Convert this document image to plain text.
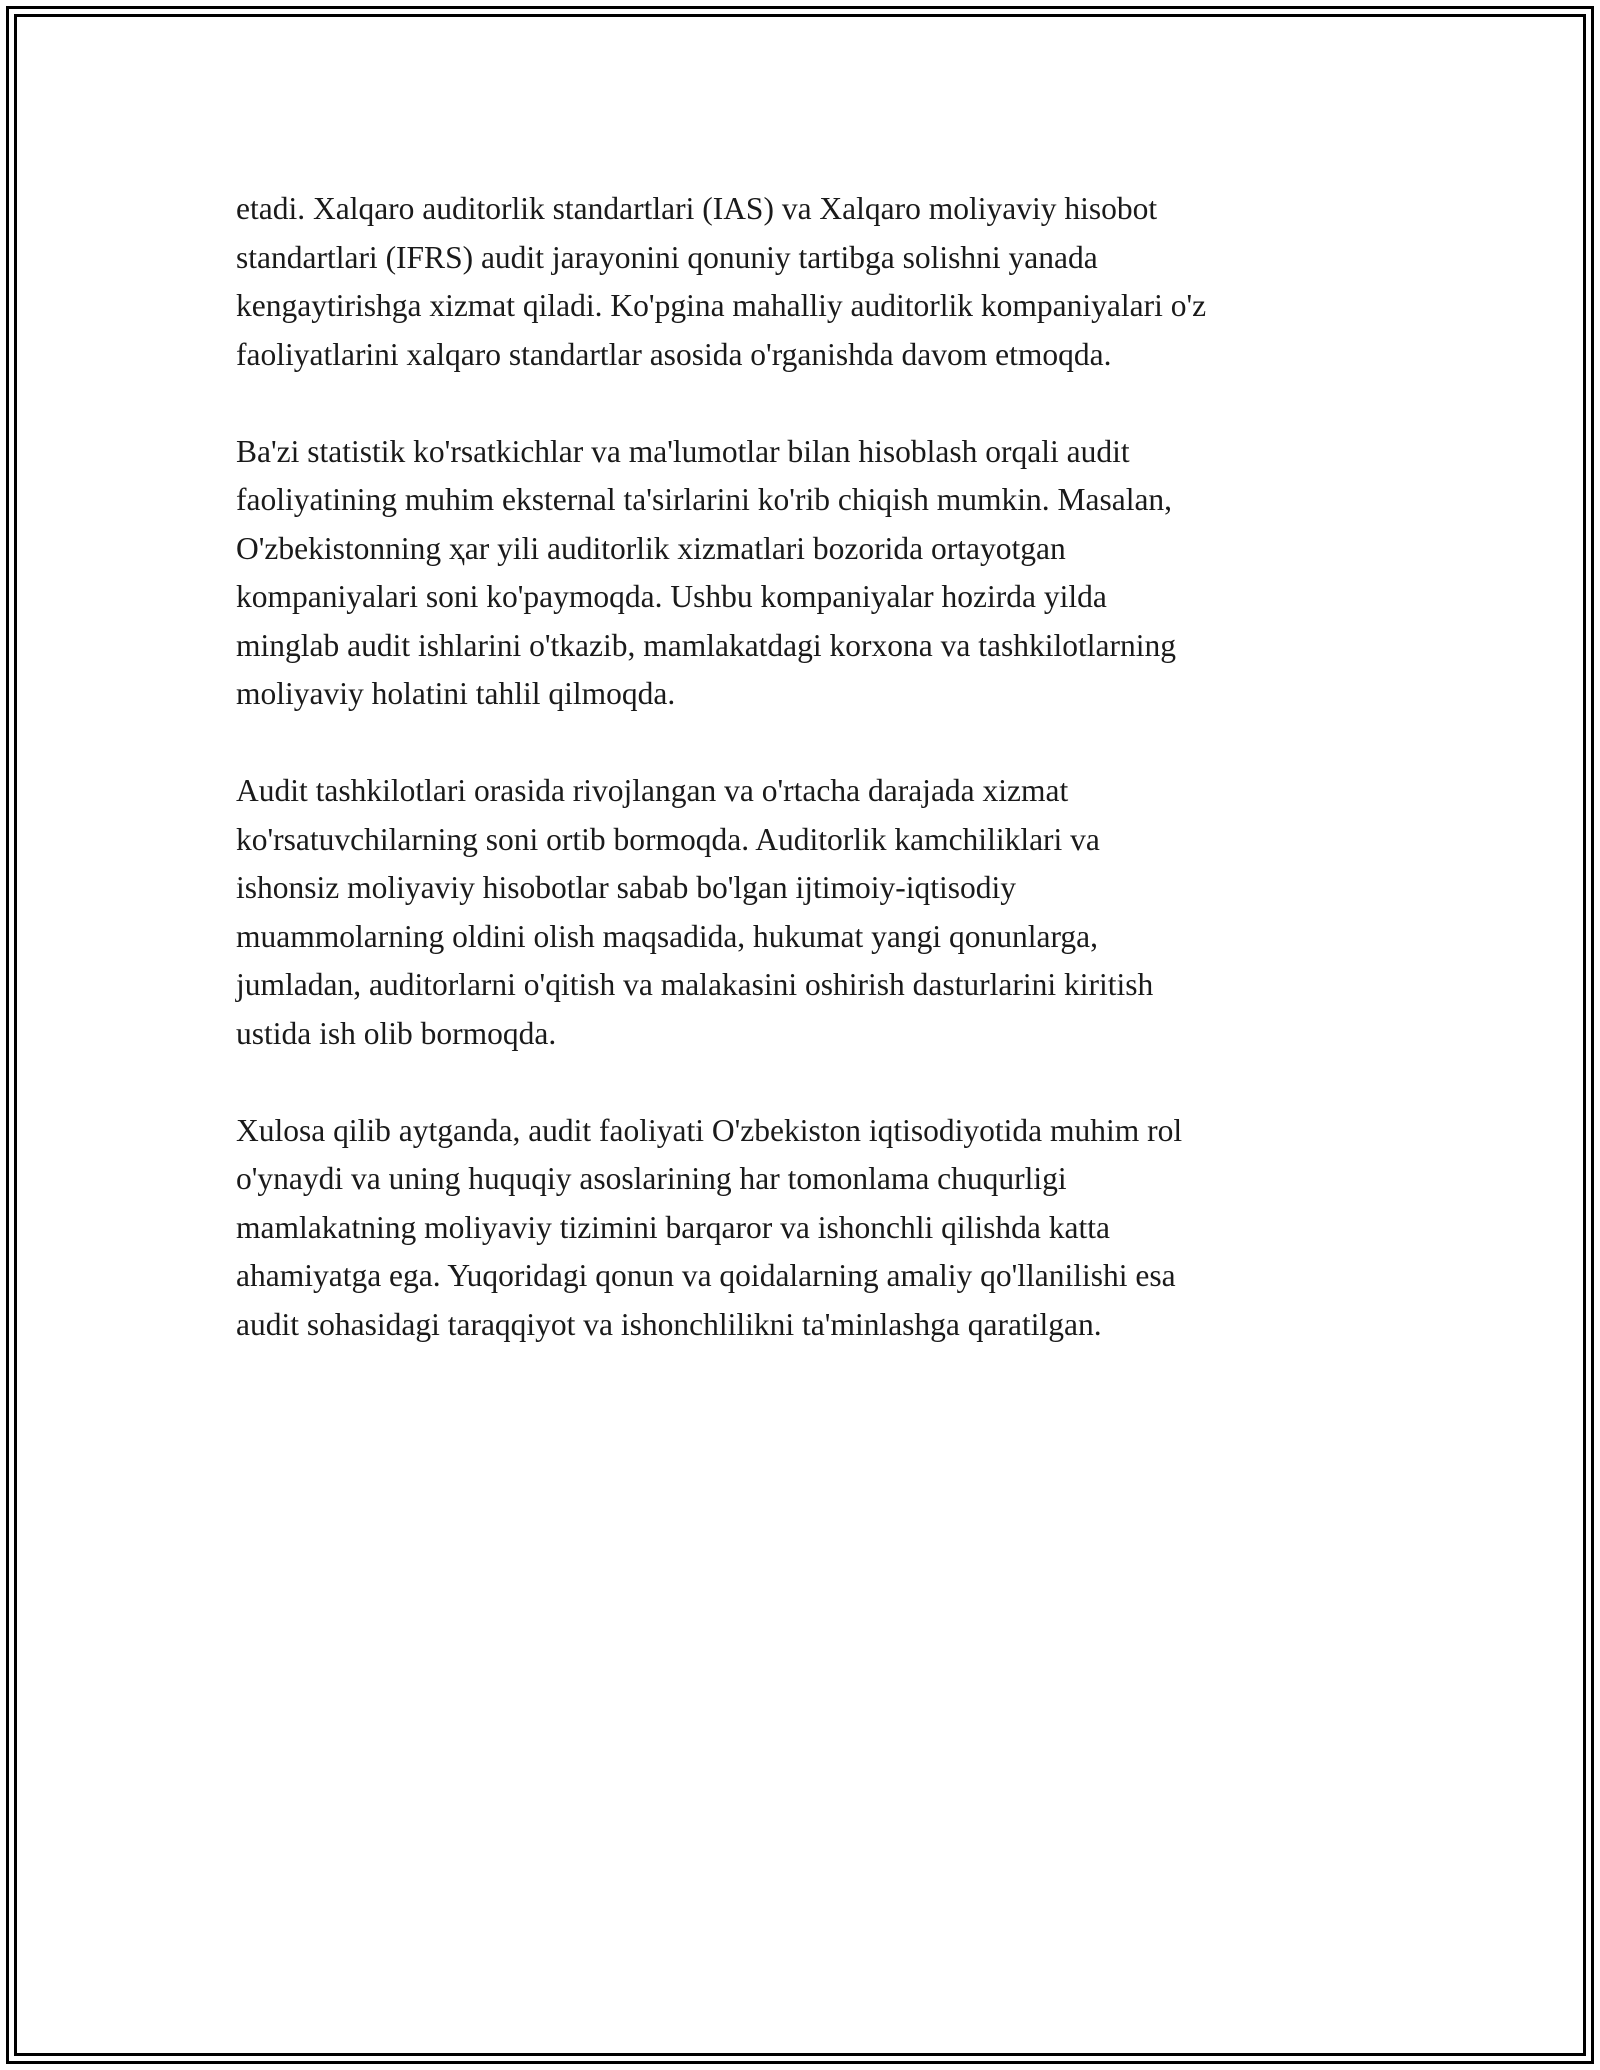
etadi. Xalqaro auditorlik standartlari (IAS) va Xalqaro moliyaviy hisobot
standartlari (IFRS) audit jarayonini qonuniy tartibga solishni yanada
kengaytirishga xizmat qiladi. Ko'pgina mahalliy auditorlik kompaniyalari o'z
faoliyatlarini xalqaro standartlar asosida o'rganishda davom etmoqda.

Ba'zi statistik ko'rsatkichlar va ma'lumotlar bilan hisoblash orqali audit
faoliyatining muhim eksternal ta'sirlarini ko'rib chiqish mumkin. Masalan,
O'zbekistonning ҳar yili auditorlik xizmatlari bozorida ortayotgan
kompaniyalari soni ko'paymoqda. Ushbu kompaniyalar hozirda yilda
minglab audit ishlarini o'tkazib, mamlakatdagi korxona va tashkilotlarning
moliyaviy holatini tahlil qilmoqda.

Audit tashkilotlari orasida rivojlangan va o'rtacha darajada xizmat
ko'rsatuvchilarning soni ortib bormoqda. Auditorlik kamchiliklari va
ishonsiz moliyaviy hisobotlar sabab bo'lgan ijtimoiy-iqtisodiy
muammolarning oldini olish maqsadida, hukumat yangi qonunlarga,
jumladan, auditorlarni o'qitish va malakasini oshirish dasturlarini kiritish
ustida ish olib bormoqda.

Xulosa qilib aytganda, audit faoliyati O'zbekiston iqtisodiyotida muhim rol
o'ynaydi va uning huquqiy asoslarining har tomonlama chuqurligi
mamlakatning moliyaviy tizimini barqaror va ishonchli qilishda katta
ahamiyatga ega. Yuqoridagi qonun va qoidalarning amaliy qo'llanilishi esa
audit sohasidagi taraqqiyot va ishonchlilikni ta'minlashga qaratilgan.
